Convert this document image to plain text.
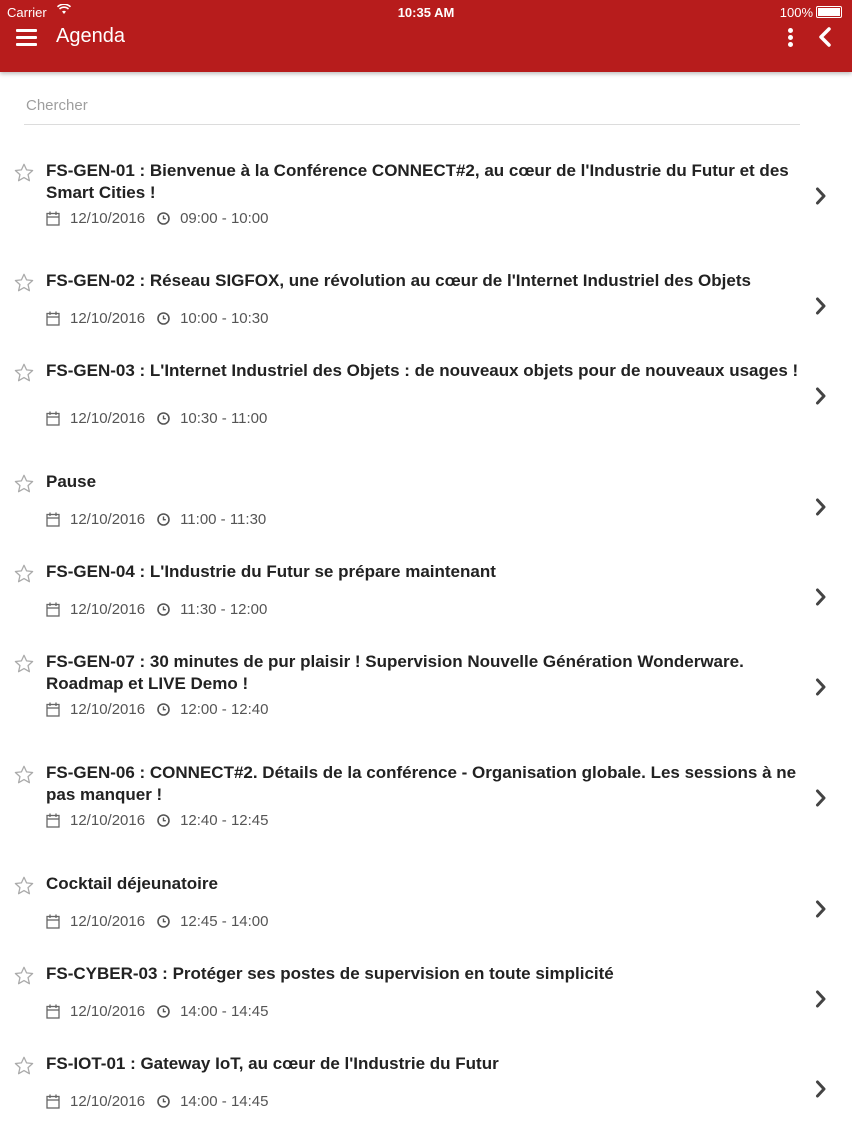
Carrier	10:35 AM	100%
Agenda
Chercher
FS-GEN-01 : Bienvenue à la Conférence CONNECT#2, au cœur de l'Industrie du Futur et des Smart Cities !
12/10/2016 09:00 - 10:00
FS-GEN-02 : Réseau SIGFOX, une révolution au cœur de l'Internet Industriel des Objets
12/10/2016 10:00 - 10:30
FS-GEN-03 : L'Internet Industriel des Objets : de nouveaux objets pour de nouveaux usages !
12/10/2016 10:30 - 11:00
Pause
12/10/2016 11:00 - 11:30
FS-GEN-04 : L'Industrie du Futur se prépare maintenant
12/10/2016 11:30 - 12:00
FS-GEN-07 : 30 minutes de pur plaisir ! Supervision Nouvelle Génération Wonderware. Roadmap et LIVE Demo !
12/10/2016 12:00 - 12:40
FS-GEN-06 : CONNECT#2. Détails de la conférence - Organisation globale. Les sessions à ne pas manquer !
12/10/2016 12:40 - 12:45
Cocktail déjeunatoire
12/10/2016 12:45 - 14:00
FS-CYBER-03 : Protéger ses postes de supervision en toute simplicité
12/10/2016 14:00 - 14:45
FS-IOT-01 : Gateway IoT, au cœur de l'Industrie du Futur
12/10/2016 14:00 - 14:45
